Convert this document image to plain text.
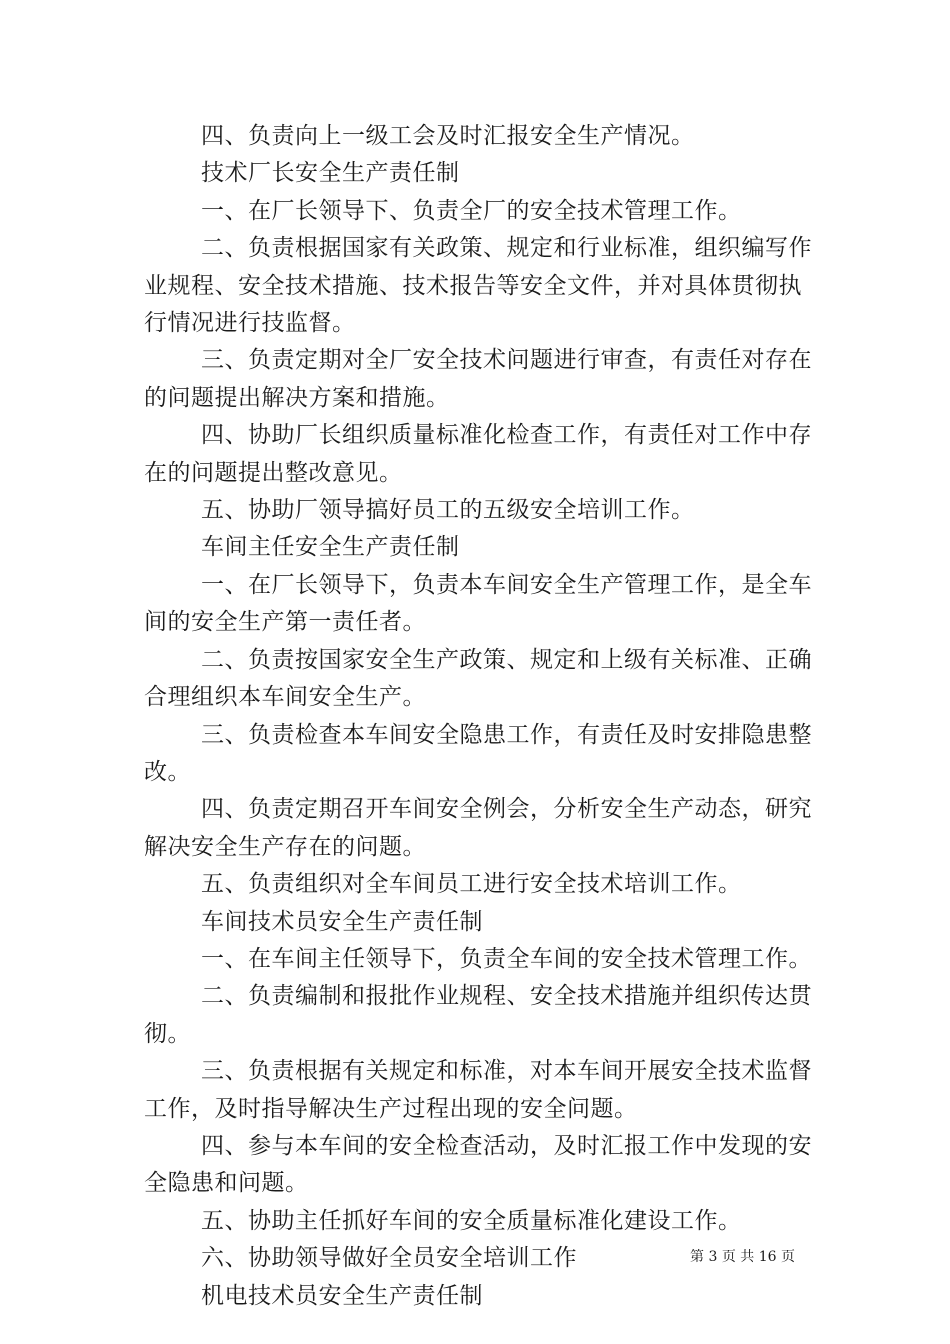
四、负责向上一级工会及时汇报安全生产情况。

技术厂长安全生产责任制

一、在厂长领导下、负责全厂的安全技术管理工作。

二、负责根据国家有关政策、规定和行业标准，组织编写作业规程、安全技术措施、技术报告等安全文件，并对具体贯彻执行情况进行技监督。

三、负责定期对全厂安全技术问题进行审查，有责任对存在的问题提出解决方案和措施。

四、协助厂长组织质量标准化检查工作，有责任对工作中存在的问题提出整改意见。

五、协助厂领导搞好员工的五级安全培训工作。

车间主任安全生产责任制

一、在厂长领导下，负责本车间安全生产管理工作，是全车间的安全生产第一责任者。

二、负责按国家安全生产政策、规定和上级有关标准、正确合理组织本车间安全生产。

三、负责检查本车间安全隐患工作，有责任及时安排隐患整改。

四、负责定期召开车间安全例会，分析安全生产动态，研究解决安全生产存在的问题。

五、负责组织对全车间员工进行安全技术培训工作。

车间技术员安全生产责任制

一、在车间主任领导下，负责全车间的安全技术管理工作。

二、负责编制和报批作业规程、安全技术措施并组织传达贯彻。

三、负责根据有关规定和标准，对本车间开展安全技术监督工作，及时指导解决生产过程出现的安全问题。

四、参与本车间的安全检查活动，及时汇报工作中发现的安全隐患和问题。

五、协助主任抓好车间的安全质量标准化建设工作。

六、协助领导做好全员安全培训工作

机电技术员安全生产责任制

第 3 页 共 16 页
